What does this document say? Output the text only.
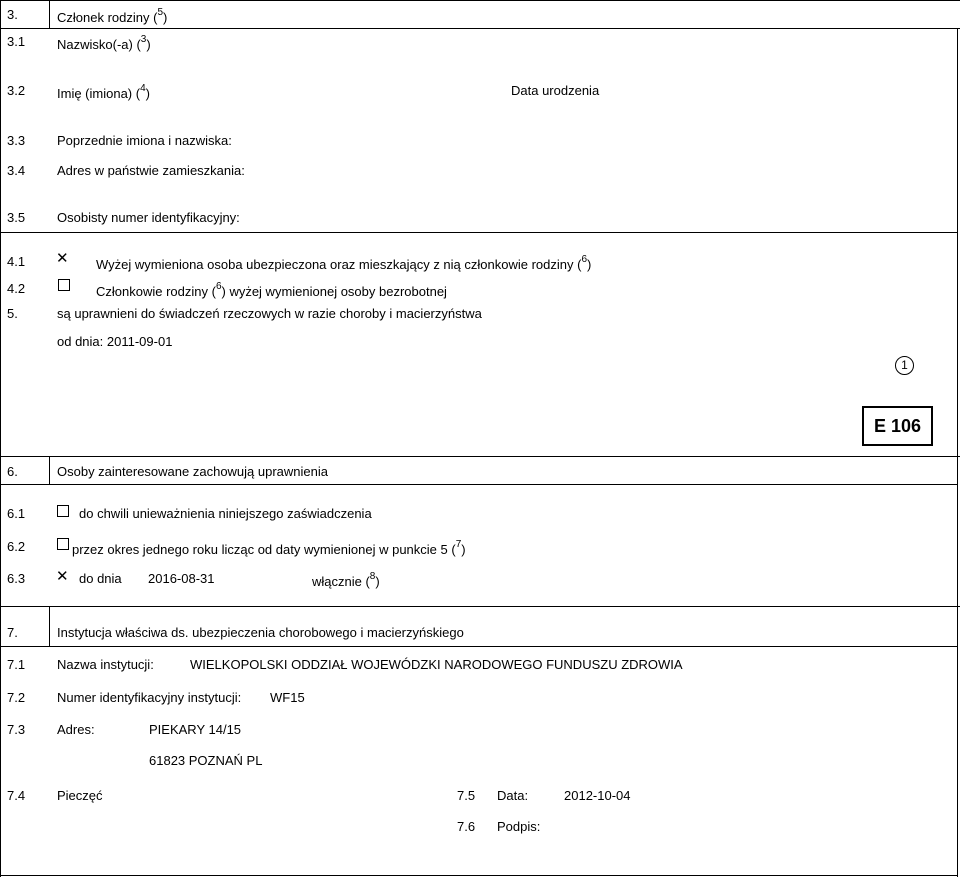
3.	Członek rodziny ($^5$)
3.1 Nazwisko(-a) ($^3$)
3.2 Imię (imiona) ($^4$)	Data urodzenia
3.3 Poprzednie imiona i nazwiska:
3.4 Adres w państwie zamieszkania:
3.5 Osobisty numer identyfikacyjny:
4.1 ✕ Wyżej wymieniona osoba ubezpieczona oraz mieszkający z nią członkowie rodziny ($^6$)
4.2	Członkowie rodziny ($^6$) wyżej wymienionej osoby bezrobotnej
5.	są uprawnieni do świadczeń rzeczowych w razie choroby i macierzyństwa
od dnia: 2011-09-01
1
E 106
6.	Osoby zainteresowane zachowują uprawnienia
6.1	do chwili unieważnienia niniejszego zaświadczenia
6.2	przez okres jednego roku licząc od daty wymienionej w punkcie 5 ($^7$)
6.3 ✕ do dnia 2016-08-31	włącznie ($^8$)
7.	Instytucja właściwa ds. ubezpieczenia chorobowego i macierzyńskiego
7.1 Nazwa instytucji:	WIELKOPOLSKI ODDZIAŁ WOJEWÓDZKI NARODOWEGO FUNDUSZU ZDROWIA
7.2 Numer identyfikacyjny instytucji: WF15
7.3 Adres:	PIEKARY 14/15
61823 POZNAŃ PL
7.4 Pieczęć	7.5 Data:	2012-10-04
7.6 Podpis:
